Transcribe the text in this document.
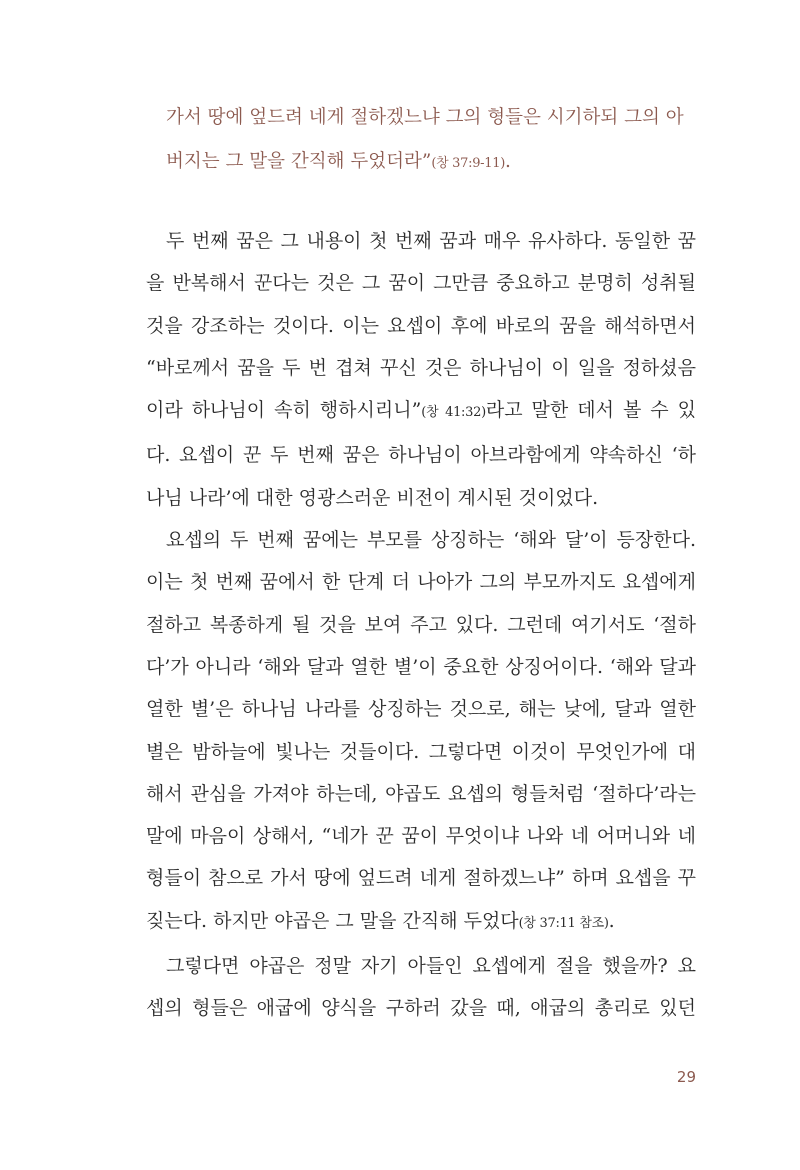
가서 땅에 엎드려 네게 절하겠느냐 그의 형들은 시기하되 그의 아
버지는 그 말을 간직해 두었더라”(창 37:9-11).
두 번째 꿈은 그 내용이 첫 번째 꿈과 매우 유사하다. 동일한 꿈
을 반복해서 꾼다는 것은 그 꿈이 그만큼 중요하고 분명히 성취될
것을 강조하는 것이다. 이는 요셉이 후에 바로의 꿈을 해석하면서
“바로께서 꿈을 두 번 겹쳐 꾸신 것은 하나님이 이 일을 정하셨음
이라 하나님이 속히 행하시리니”(창 41:32)라고 말한 데서 볼 수 있
다. 요셉이 꾼 두 번째 꿈은 하나님이 아브라함에게 약속하신 ‘하
나님 나라’에 대한 영광스러운 비전이 계시된 것이었다.
요셉의 두 번째 꿈에는 부모를 상징하는 ‘해와 달’이 등장한다.
이는 첫 번째 꿈에서 한 단계 더 나아가 그의 부모까지도 요셉에게
절하고 복종하게 될 것을 보여 주고 있다. 그런데 여기서도 ‘절하
다’가 아니라 ‘해와 달과 열한 별’이 중요한 상징어이다. ‘해와 달과
열한 별’은 하나님 나라를 상징하는 것으로, 해는 낮에, 달과 열한
별은 밤하늘에 빛나는 것들이다. 그렇다면 이것이 무엇인가에 대
해서 관심을 가져야 하는데, 야곱도 요셉의 형들처럼 ‘절하다’라는
말에 마음이 상해서, “네가 꾼 꿈이 무엇이냐 나와 네 어머니와 네
형들이 참으로 가서 땅에 엎드려 네게 절하겠느냐” 하며 요셉을 꾸
짖는다. 하지만 야곱은 그 말을 간직해 두었다(창 37:11 참조).
그렇다면 야곱은 정말 자기 아들인 요셉에게 절을 했을까? 요
셉의 형들은 애굽에 양식을 구하러 갔을 때, 애굽의 총리로 있던
29
